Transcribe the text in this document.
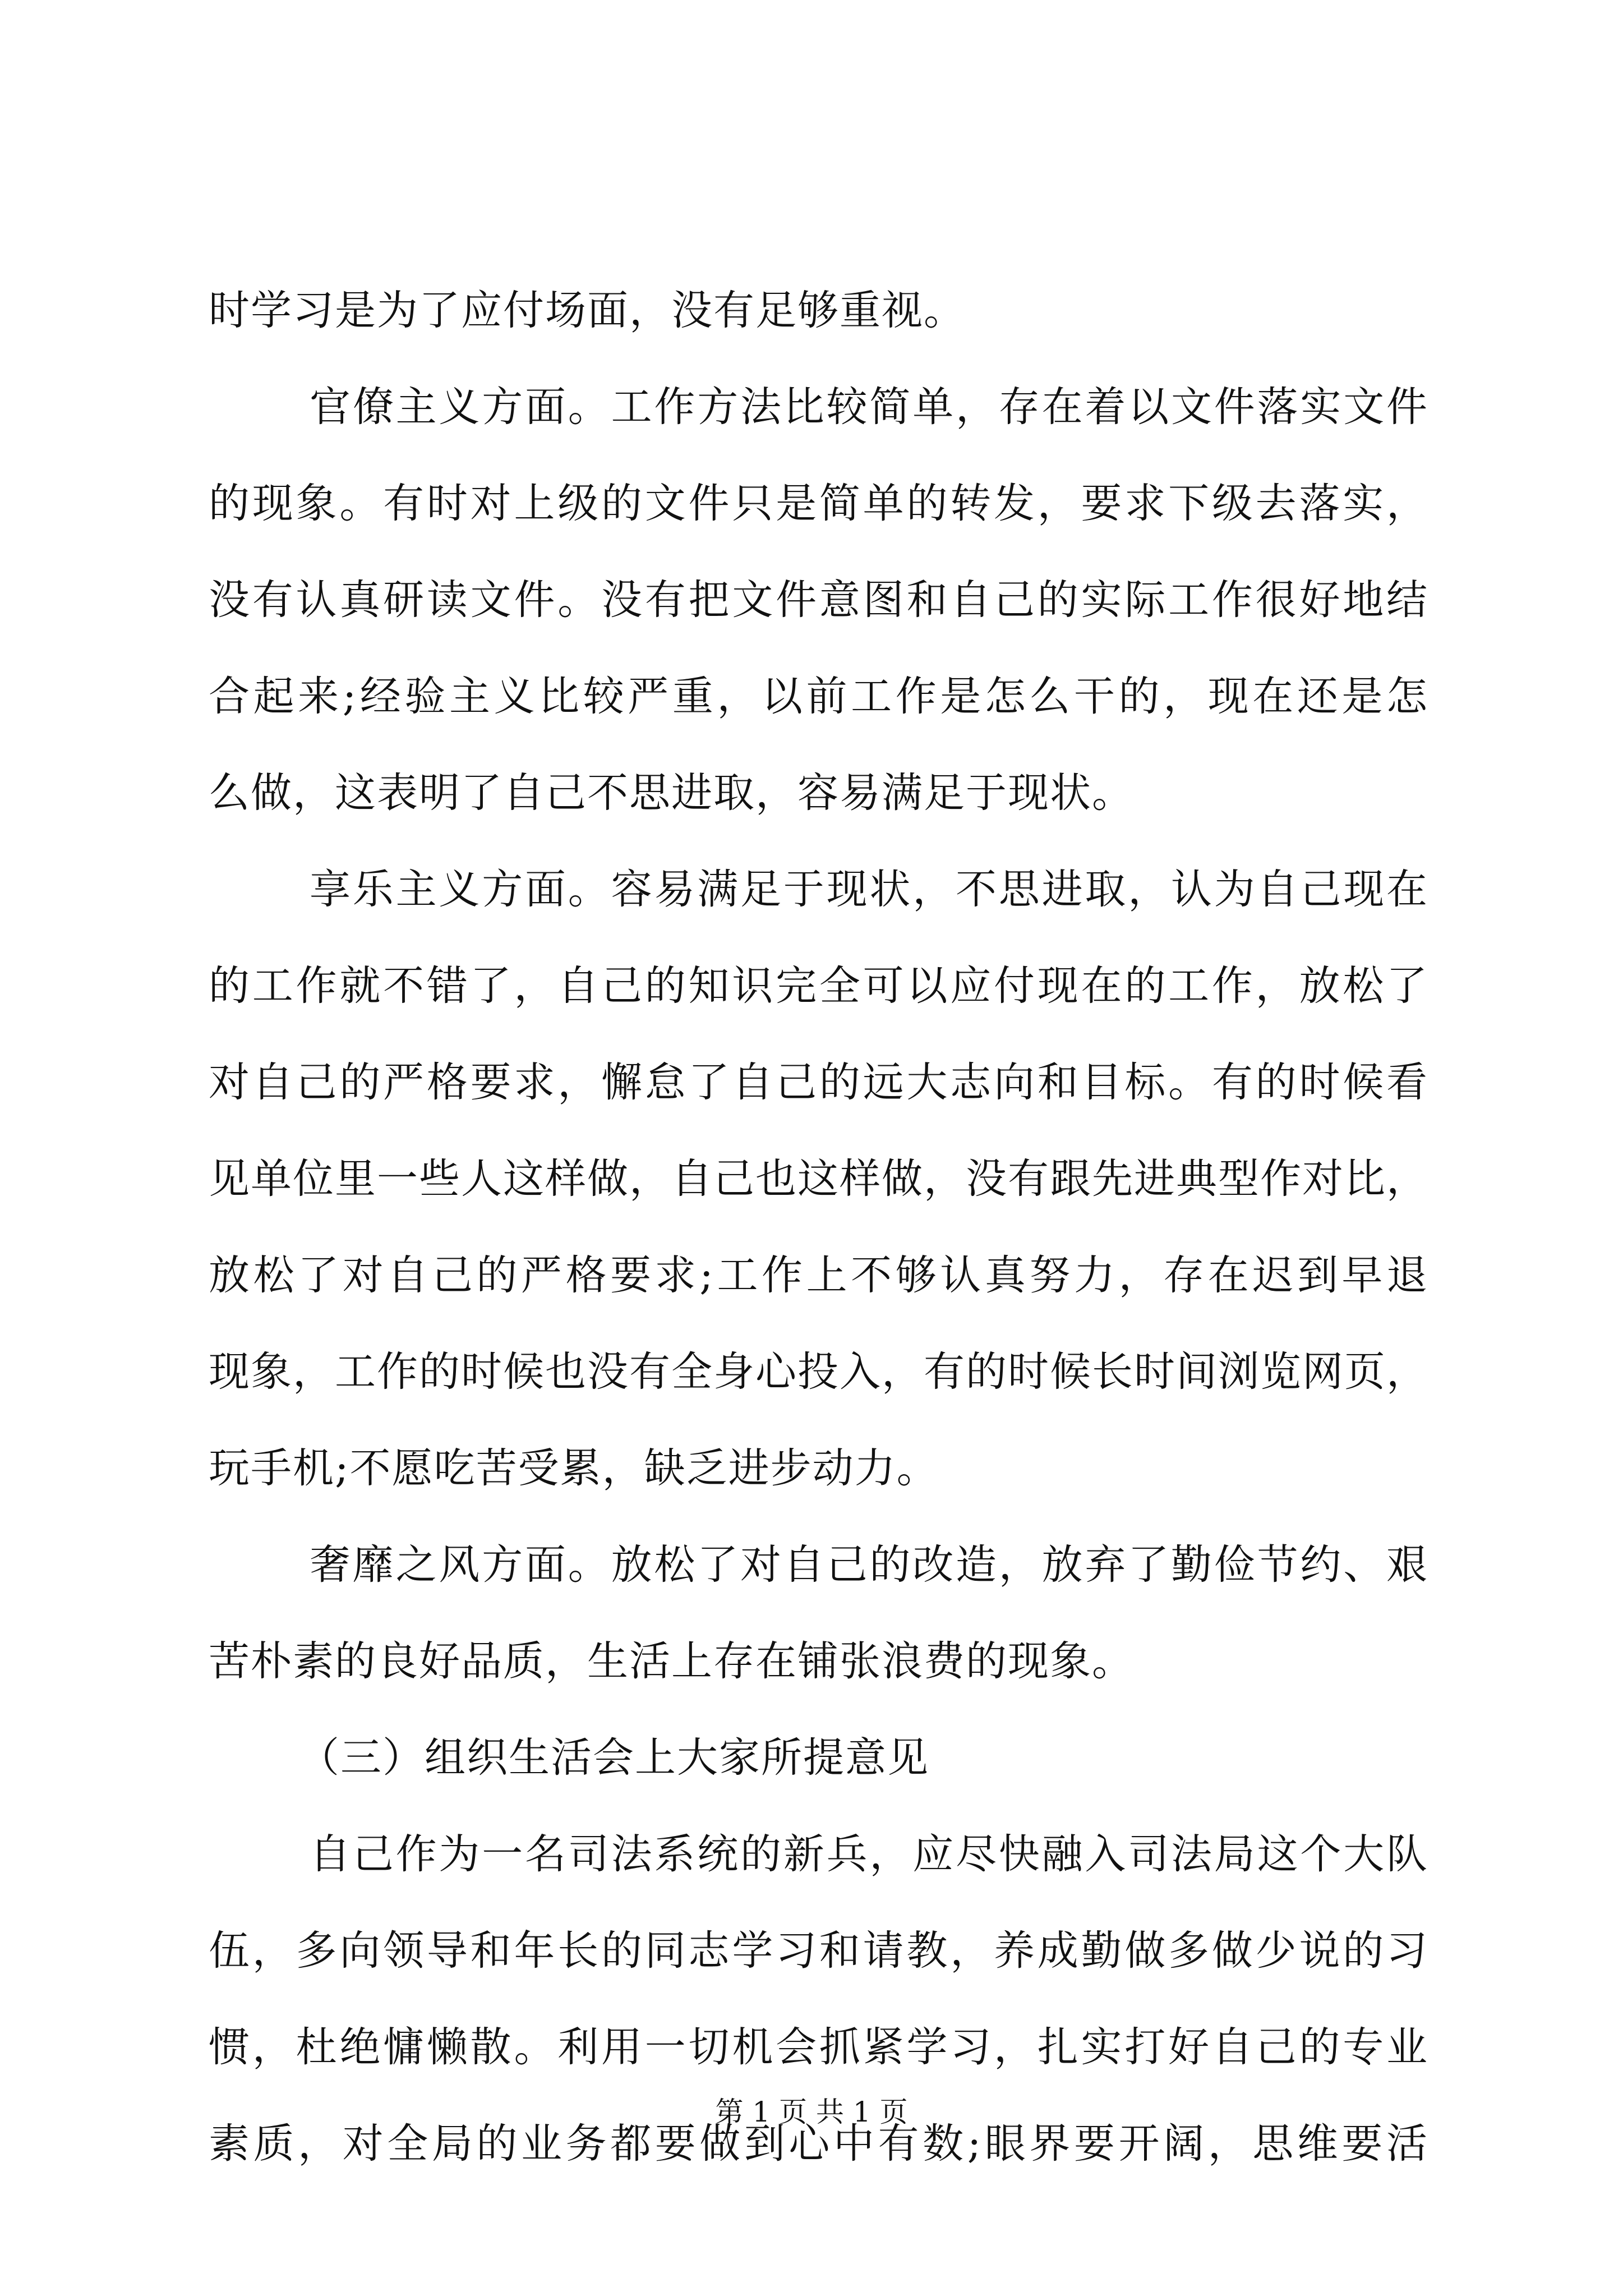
时学习是为了应付场面，没有足够重视。
官僚主义方面。工作方法比较简单，存在着以文件落实文件
的现象。有时对上级的文件只是简单的转发，要求下级去落实，
没有认真研读文件。没有把文件意图和自己的实际工作很好地结
合起来;经验主义比较严重，以前工作是怎么干的，现在还是怎
么做，这表明了自己不思进取，容易满足于现状。
享乐主义方面。容易满足于现状，不思进取，认为自己现在
的工作就不错了，自己的知识完全可以应付现在的工作，放松了
对自己的严格要求，懈怠了自己的远大志向和目标。有的时候看
见单位里一些人这样做，自己也这样做，没有跟先进典型作对比，
放松了对自己的严格要求;工作上不够认真努力，存在迟到早退
现象，工作的时候也没有全身心投入，有的时候长时间浏览网页，
玩手机;不愿吃苦受累，缺乏进步动力。
奢靡之风方面。放松了对自己的改造，放弃了勤俭节约、艰
苦朴素的良好品质，生活上存在铺张浪费的现象。
（三）组织生活会上大家所提意见
自己作为一名司法系统的新兵，应尽快融入司法局这个大队
伍，多向领导和年长的同志学习和请教，养成勤做多做少说的习
惯，杜绝慵懒散。利用一切机会抓紧学习，扎实打好自己的专业
素质，对全局的业务都要做到心中有数;眼界要开阔，思维要活
第 1 页 共 1 页
